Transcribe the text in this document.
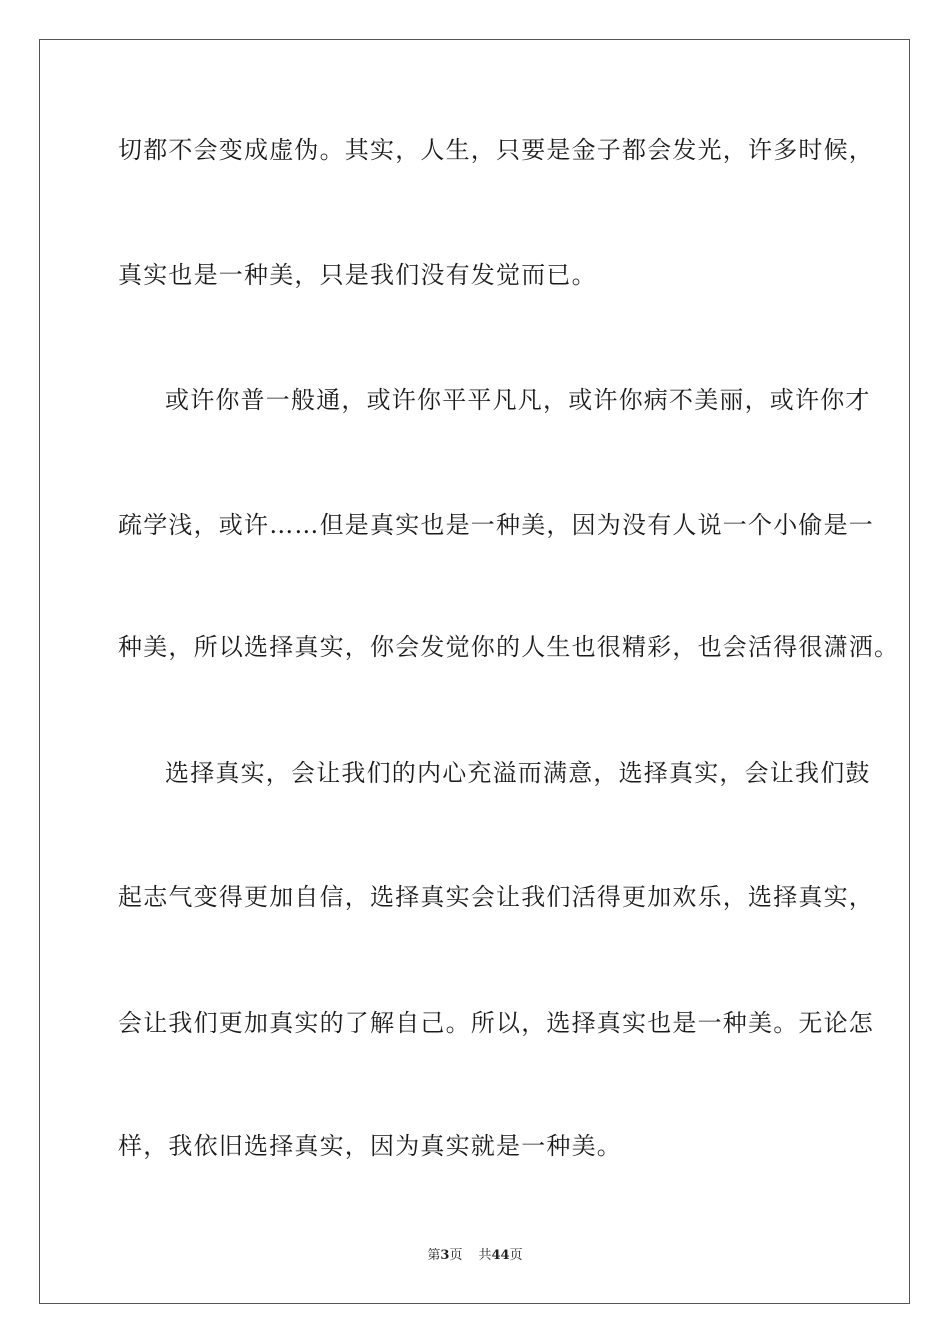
切都不会变成虚伪。其实，人生，只要是金子都会发光，许多时候，
真实也是一种美，只是我们没有发觉而已。
或许你普一般通，或许你平平凡凡，或许你病不美丽，或许你才
疏学浅，或许……但是真实也是一种美，因为没有人说一个小偷是一
种美，所以选择真实，你会发觉你的人生也很精彩，也会活得很潇洒。
选择真实，会让我们的内心充溢而满意，选择真实，会让我们鼓
起志气变得更加自信，选择真实会让我们活得更加欢乐，选择真实，
会让我们更加真实的了解自己。所以，选择真实也是一种美。无论怎
样，我依旧选择真实，因为真实就是一种美。
第3页 共44页
